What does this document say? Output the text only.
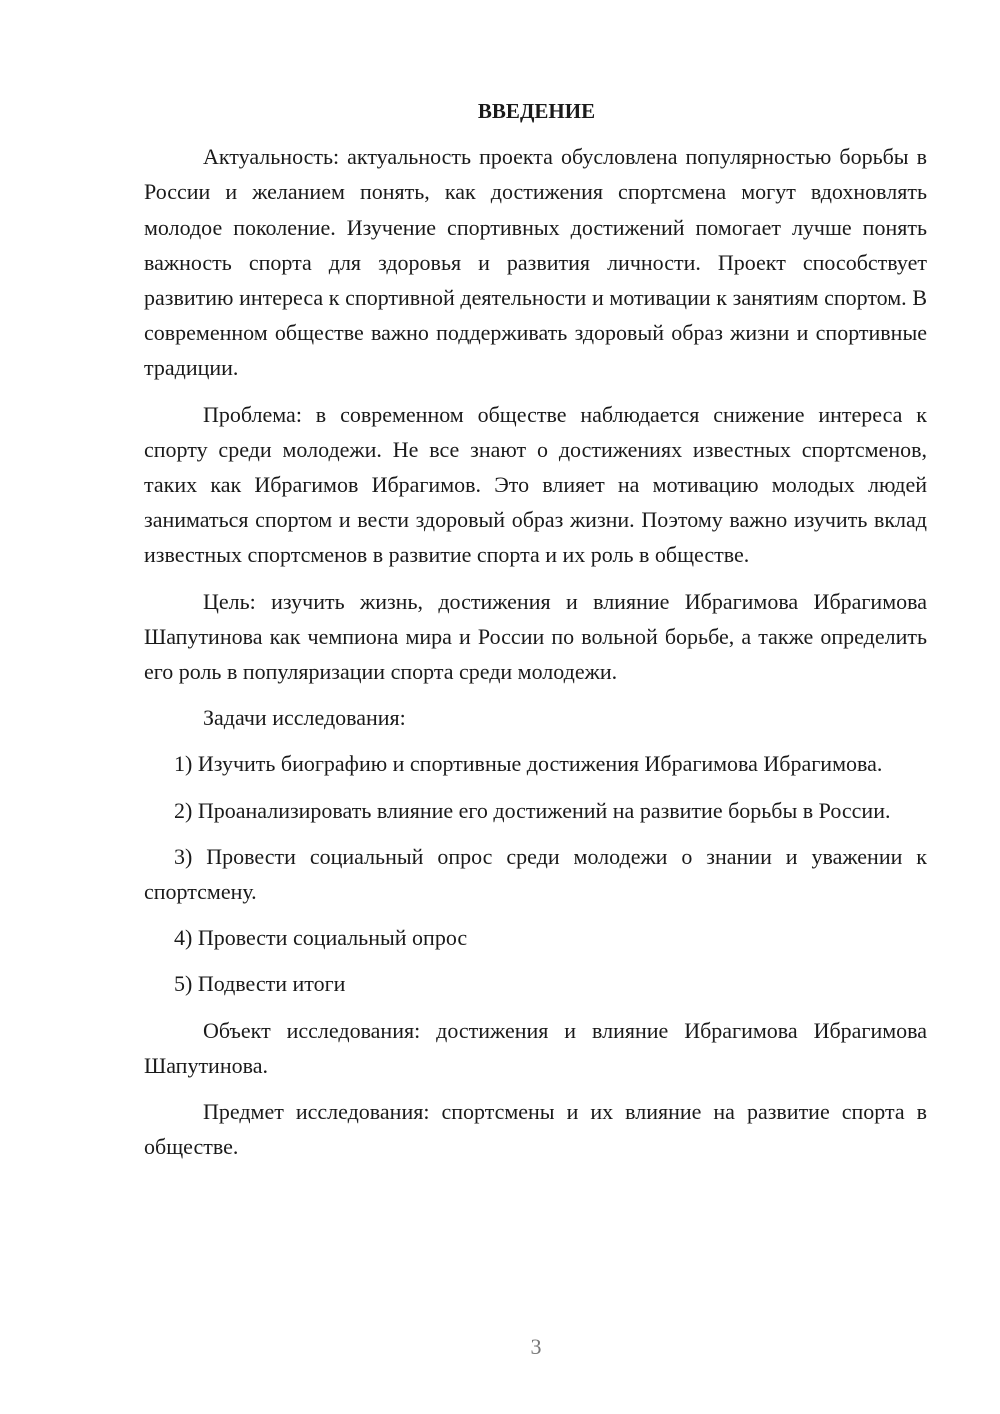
ВВЕДЕНИЕ

Актуальность: актуальность проекта обусловлена популярностью борьбы в России и желанием понять, как достижения спортсмена могут вдохновлять молодое поколение. Изучение спортивных достижений помогает лучше понять важность спорта для здоровья и развития личности. Проект способствует развитию интереса к спортивной деятельности и мотивации к занятиям спортом. В современном обществе важно поддерживать здоровый образ жизни и спортивные традиции.

Проблема: в современном обществе наблюдается снижение интереса к спорту среди молодежи. Не все знают о достижениях известных спортсменов, таких как Ибрагимов Ибрагимов. Это влияет на мотивацию молодых людей заниматься спортом и вести здоровый образ жизни. Поэтому важно изучить вклад известных спортсменов в развитие спорта и их роль в обществе.

Цель: изучить жизнь, достижения и влияние Ибрагимова Ибрагимова Шапутинова как чемпиона мира и России по вольной борьбе, а также определить его роль в популяризации спорта среди молодежи.

Задачи исследования:

1) Изучить биографию и спортивные достижения Ибрагимова Ибрагимова.

2) Проанализировать влияние его достижений на развитие борьбы в России.

3) Провести социальный опрос среди молодежи о знании и уважении к спортсмену.

4) Провести социальный опрос

5) Подвести итоги

Объект исследования: достижения и влияние Ибрагимова Ибрагимова Шапутинова.

Предмет исследования: спортсмены и их влияние на развитие спорта в обществе.

3
